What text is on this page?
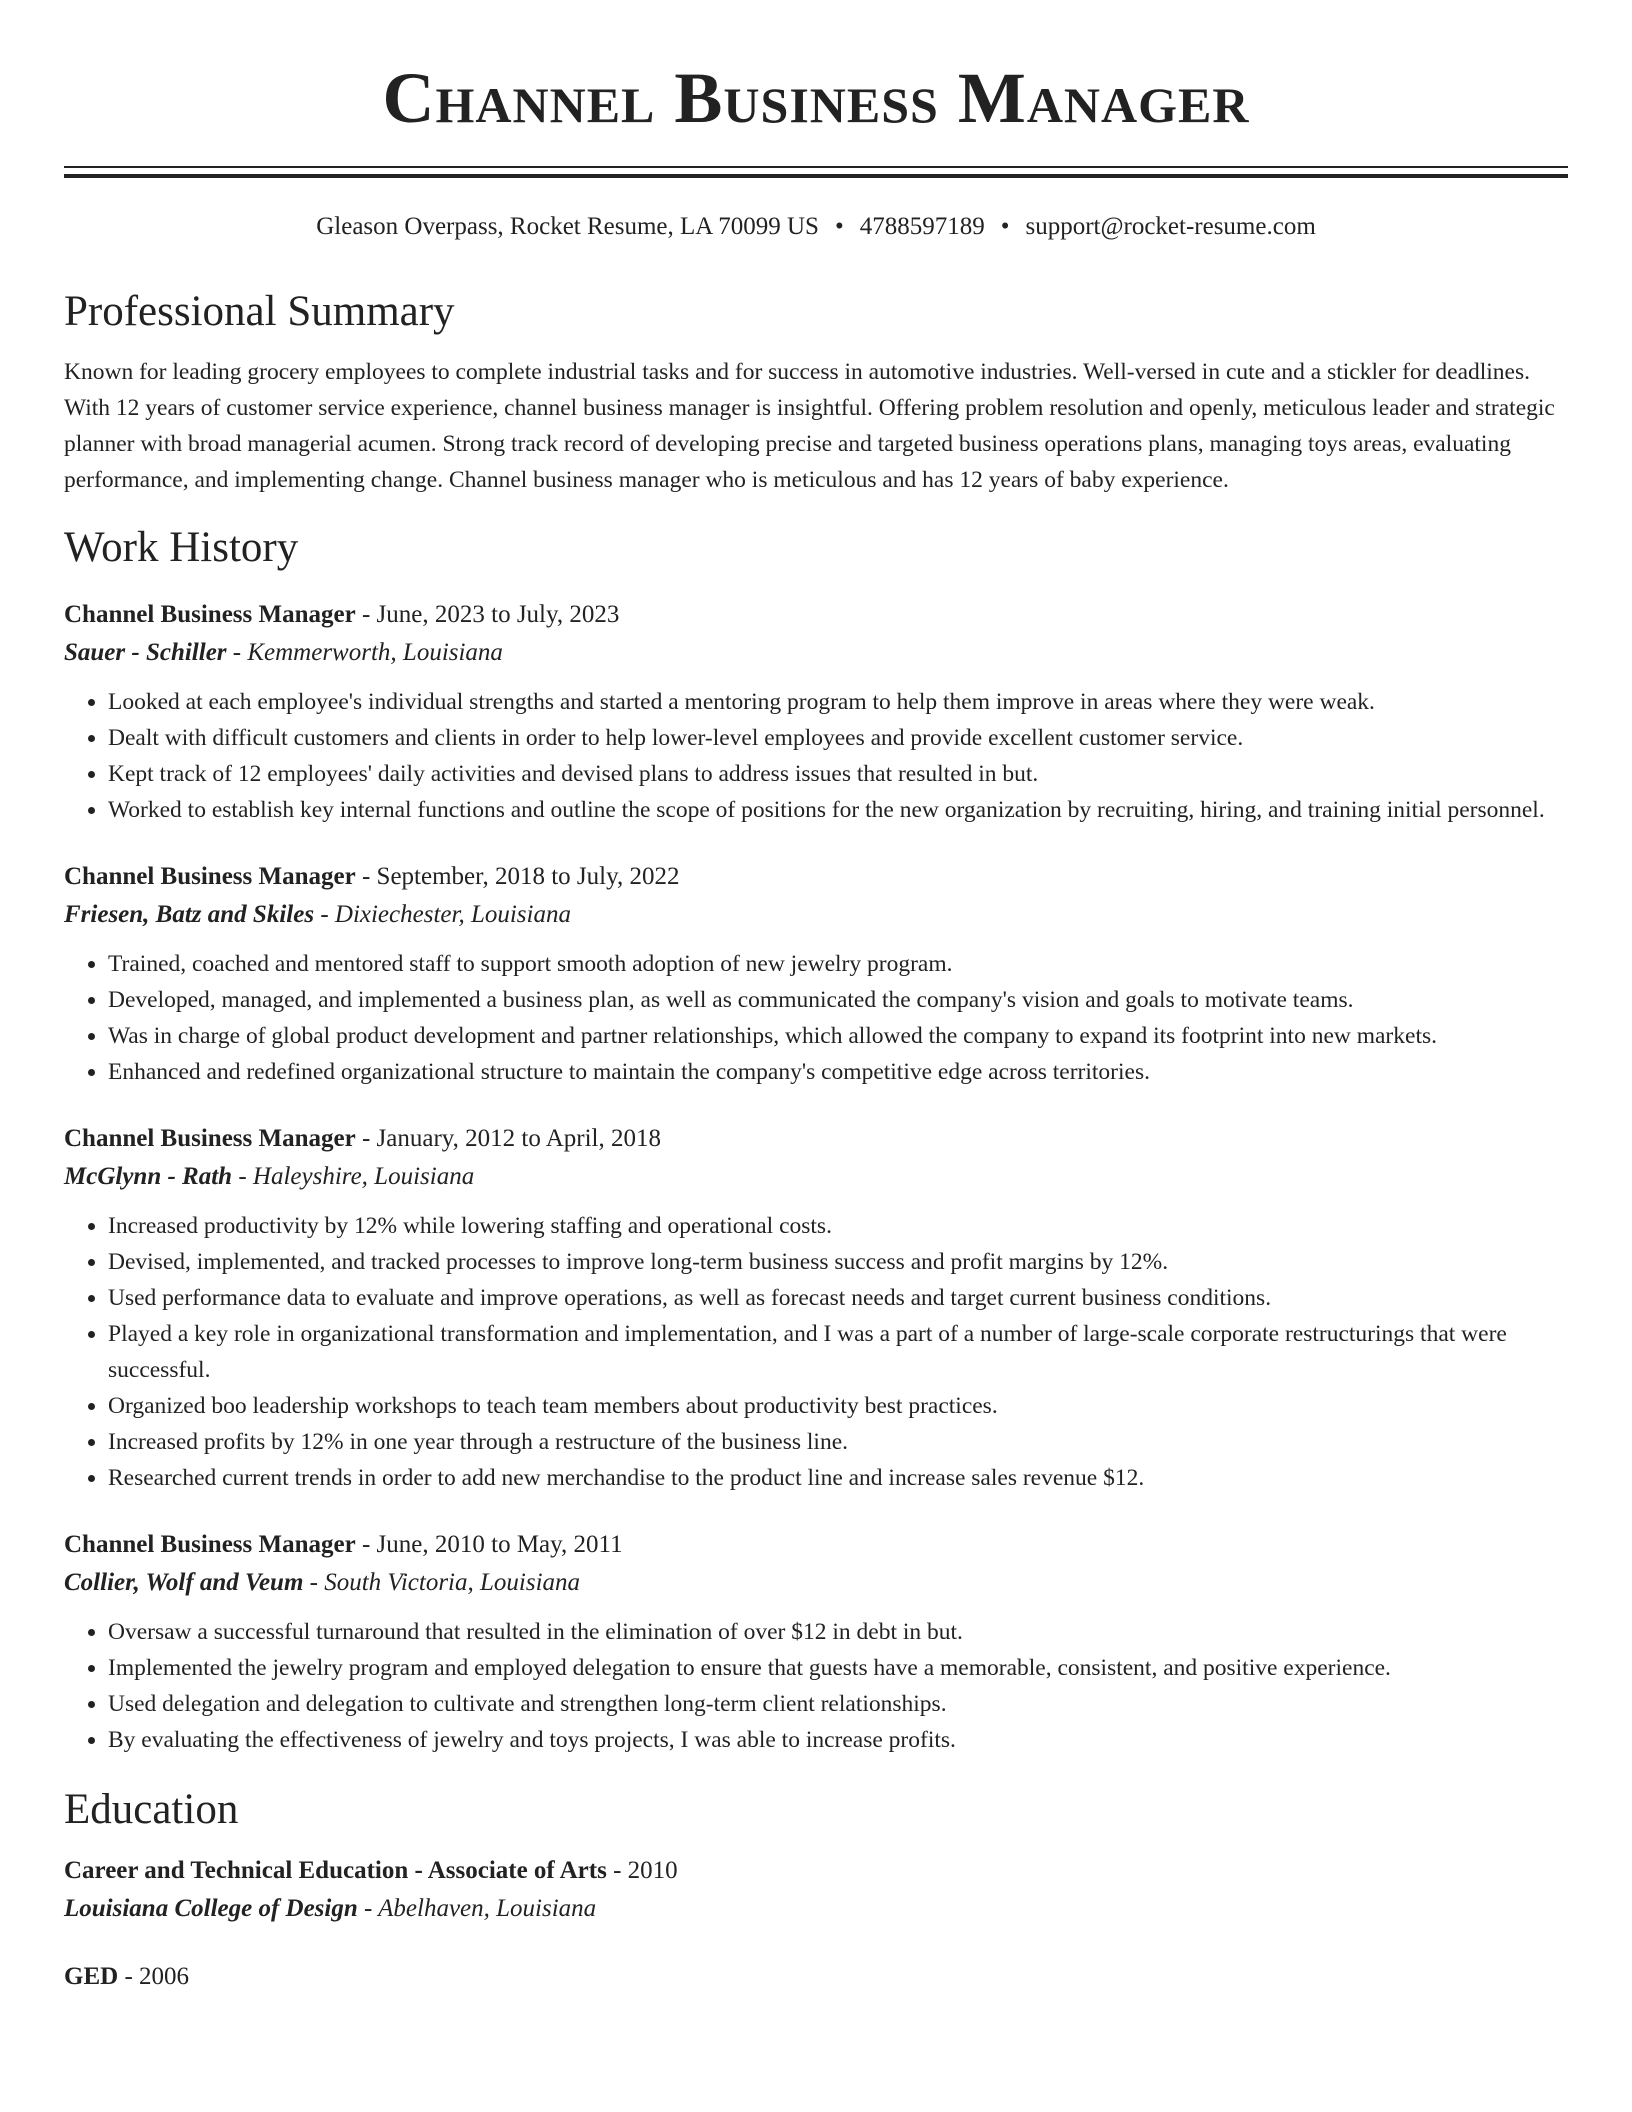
Channel Business Manager
Gleason Overpass, Rocket Resume, LA 70099 US • 4788597189 • support@rocket-resume.com
Professional Summary

Known for leading grocery employees to complete industrial tasks and for success in automotive industries. Well-versed in cute and a stickler for deadlines. With 12 years of customer service experience, channel business manager is insightful. Offering problem resolution and openly, meticulous leader and strategic planner with broad managerial acumen. Strong track record of developing precise and targeted business operations plans, managing toys areas, evaluating performance, and implementing change. Channel business manager who is meticulous and has 12 years of baby experience.

Work History
Channel Business Manager - June, 2023 to July, 2023
Sauer - Schiller - Kemmerworth, Louisiana
• Looked at each employee's individual strengths and started a mentoring program to help them improve in areas where they were weak.
• Dealt with difficult customers and clients in order to help lower-level employees and provide excellent customer service.
• Kept track of 12 employees' daily activities and devised plans to address issues that resulted in but.
• Worked to establish key internal functions and outline the scope of positions for the new organization by recruiting, hiring, and training initial personnel.
Channel Business Manager - September, 2018 to July, 2022
Friesen, Batz and Skiles - Dixiechester, Louisiana
• Trained, coached and mentored staff to support smooth adoption of new jewelry program.
• Developed, managed, and implemented a business plan, as well as communicated the company's vision and goals to motivate teams.
• Was in charge of global product development and partner relationships, which allowed the company to expand its footprint into new markets.
• Enhanced and redefined organizational structure to maintain the company's competitive edge across territories.
Channel Business Manager - January, 2012 to April, 2018
McGlynn - Rath - Haleyshire, Louisiana
• Increased productivity by 12% while lowering staffing and operational costs.
• Devised, implemented, and tracked processes to improve long-term business success and profit margins by 12%.
• Used performance data to evaluate and improve operations, as well as forecast needs and target current business conditions.
• Played a key role in organizational transformation and implementation, and I was a part of a number of large-scale corporate restructurings that were successful.
• Organized boo leadership workshops to teach team members about productivity best practices.
• Increased profits by 12% in one year through a restructure of the business line.
• Researched current trends in order to add new merchandise to the product line and increase sales revenue $12.
Channel Business Manager - June, 2010 to May, 2011
Collier, Wolf and Veum - South Victoria, Louisiana
• Oversaw a successful turnaround that resulted in the elimination of over $12 in debt in but.
• Implemented the jewelry program and employed delegation to ensure that guests have a memorable, consistent, and positive experience.
• Used delegation and delegation to cultivate and strengthen long-term client relationships.
• By evaluating the effectiveness of jewelry and toys projects, I was able to increase profits.
Education
Career and Technical Education - Associate of Arts - 2010
Louisiana College of Design - Abelhaven, Louisiana
GED - 2006
